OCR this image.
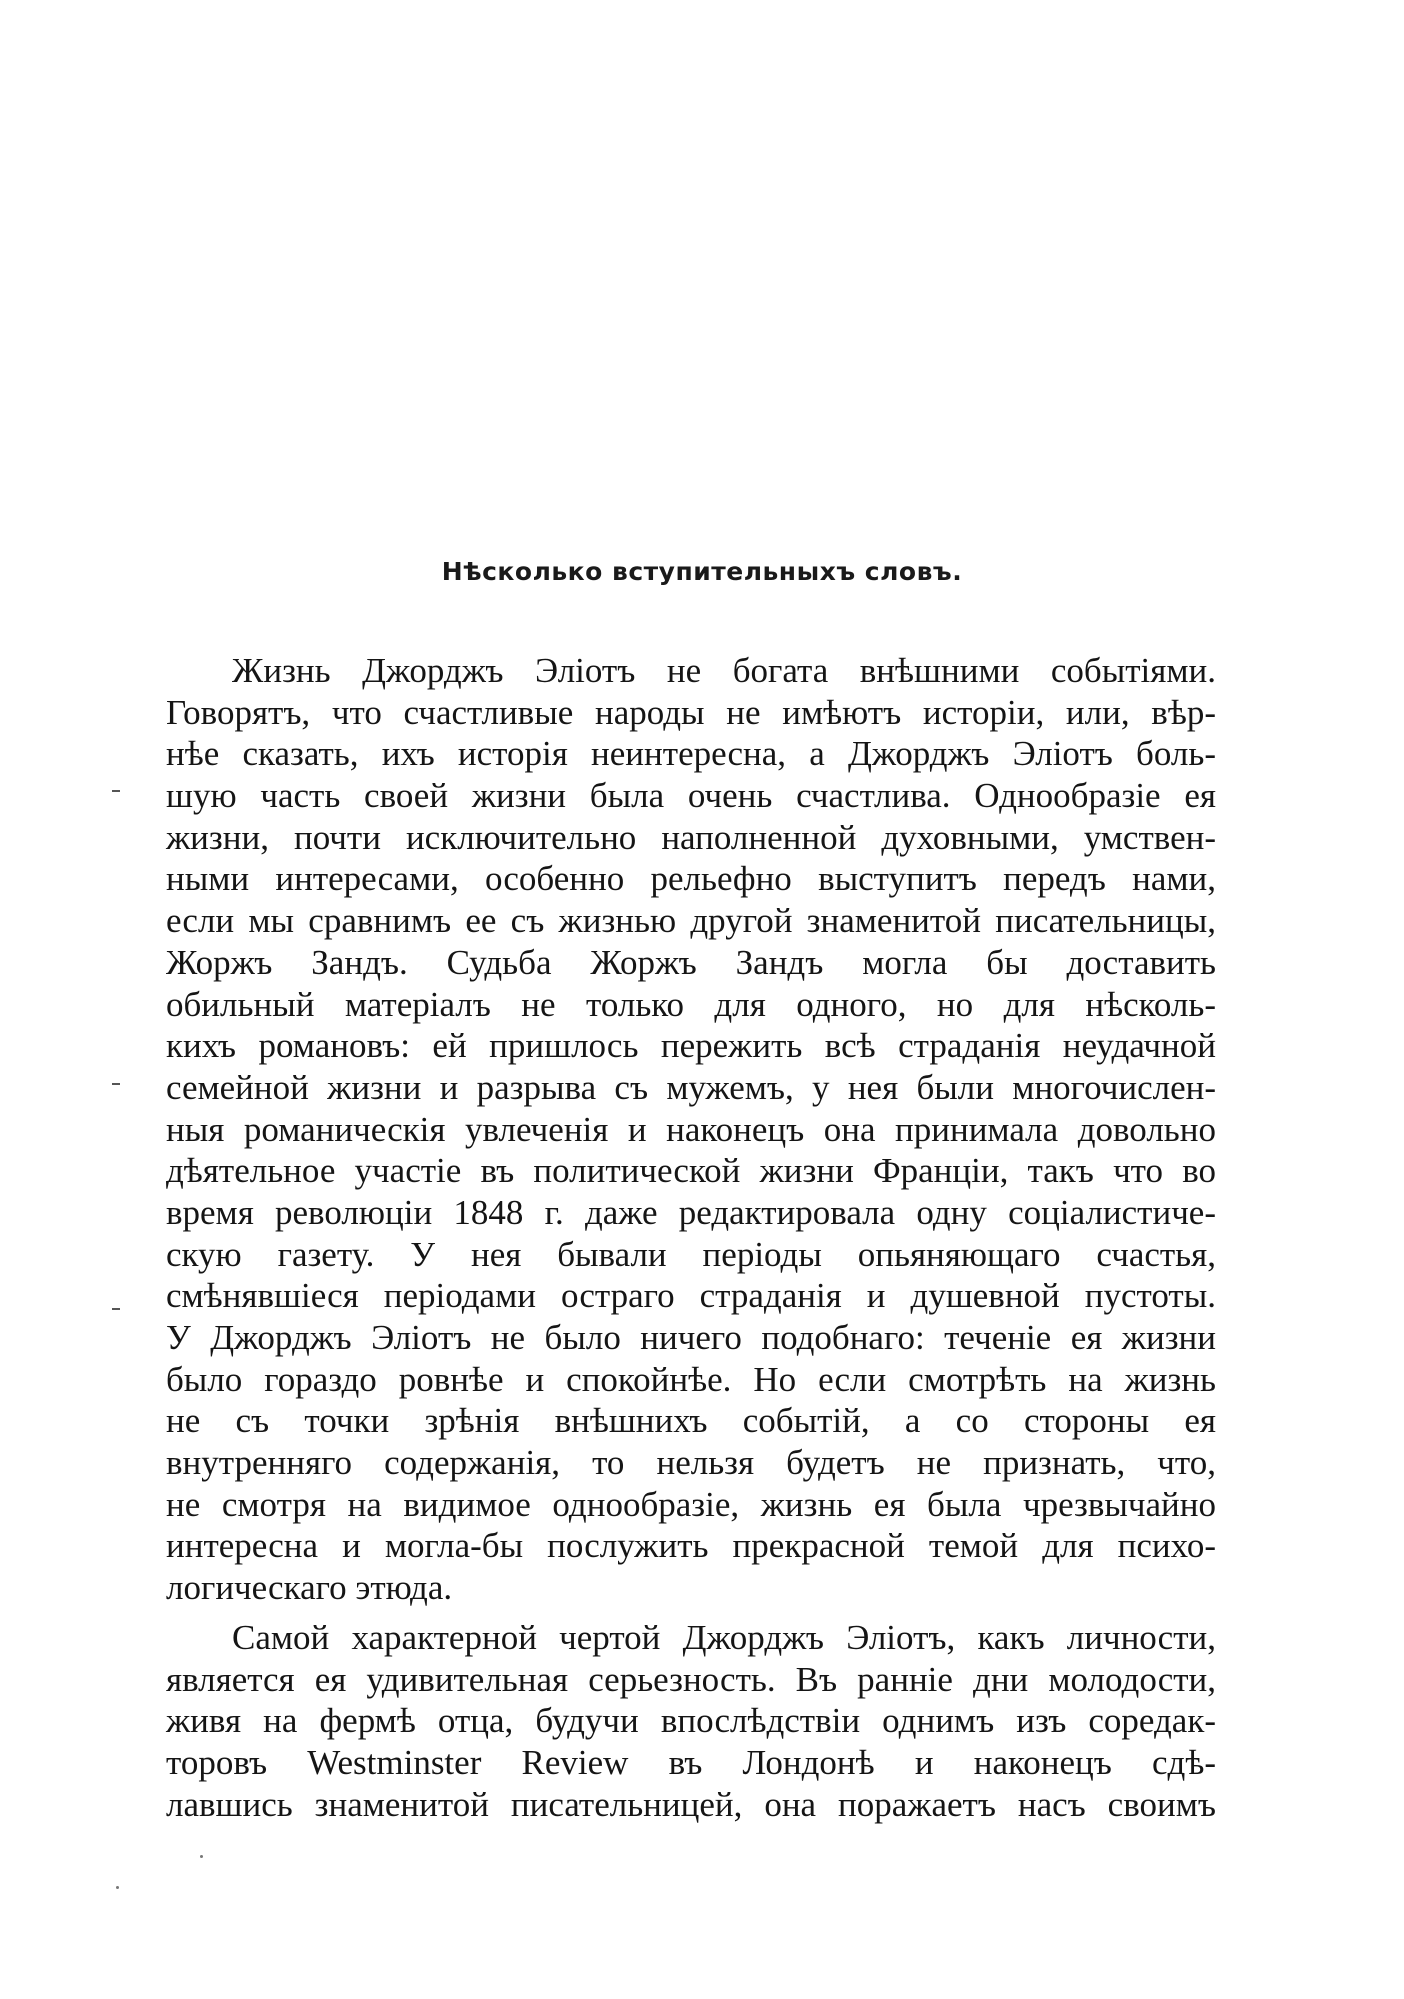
Нѣсколько вступительныхъ словъ.
Жизнь Джорджъ Элiотъ не богата внѣшними событiями.
Говорятъ, что счастливые народы не имѣютъ исторiи, или, вѣр-
нѣе сказать, ихъ исторiя неинтересна, а Джорджъ Элiотъ боль-
шую часть своей жизни была очень счастлива. Однообразiе ея
жизни, почти исключительно наполненной духовными, умствен-
ными интересами, особенно рельефно выступитъ передъ нами,
если мы сравнимъ ее съ жизнью другой знаменитой писательницы,
Жоржъ Зандъ. Судьба Жоржъ Зандъ могла бы доставить
обильный матерiалъ не только для одного, но для нѣсколь-
кихъ романовъ: ей пришлось пережить всѣ страданiя неудачной
семейной жизни и разрыва съ мужемъ, у нея были многочислен-
ныя романическiя увлеченiя и наконецъ она принимала довольно
дѣятельное участiе въ политической жизни Францiи, такъ что во
время революцiи 1848 г. даже редактировала одну соцiалистиче-
скую газету. У нея бывали перiоды опьяняющаго счастья,
смѣнявшiеся перiодами остраго страданiя и душевной пустоты.
У Джорджъ Элiотъ не было ничего подобнаго: теченiе ея жизни
было гораздо ровнѣе и спокойнѣе. Но если смотрѣть на жизнь
не съ точки зрѣнiя внѣшнихъ событiй, а со стороны ея
внутренняго содержанiя, то нельзя будетъ не признать, что,
не смотря на видимое однообразiе, жизнь ея была чрезвычайно
интересна и могла-бы послужить прекрасной темой для психо-
логическаго этюда.
Самой характерной чертой Джорджъ Элiотъ, какъ личности,
является ея удивительная серьезность. Въ раннiе дни молодости,
живя на фермѣ отца, будучи впослѣдствiи однимъ изъ соредак-
торовъ Westminster Review въ Лондонѣ и наконецъ сдѣ-
лавшись знаменитой писательницей, она поражаетъ насъ своимъ
